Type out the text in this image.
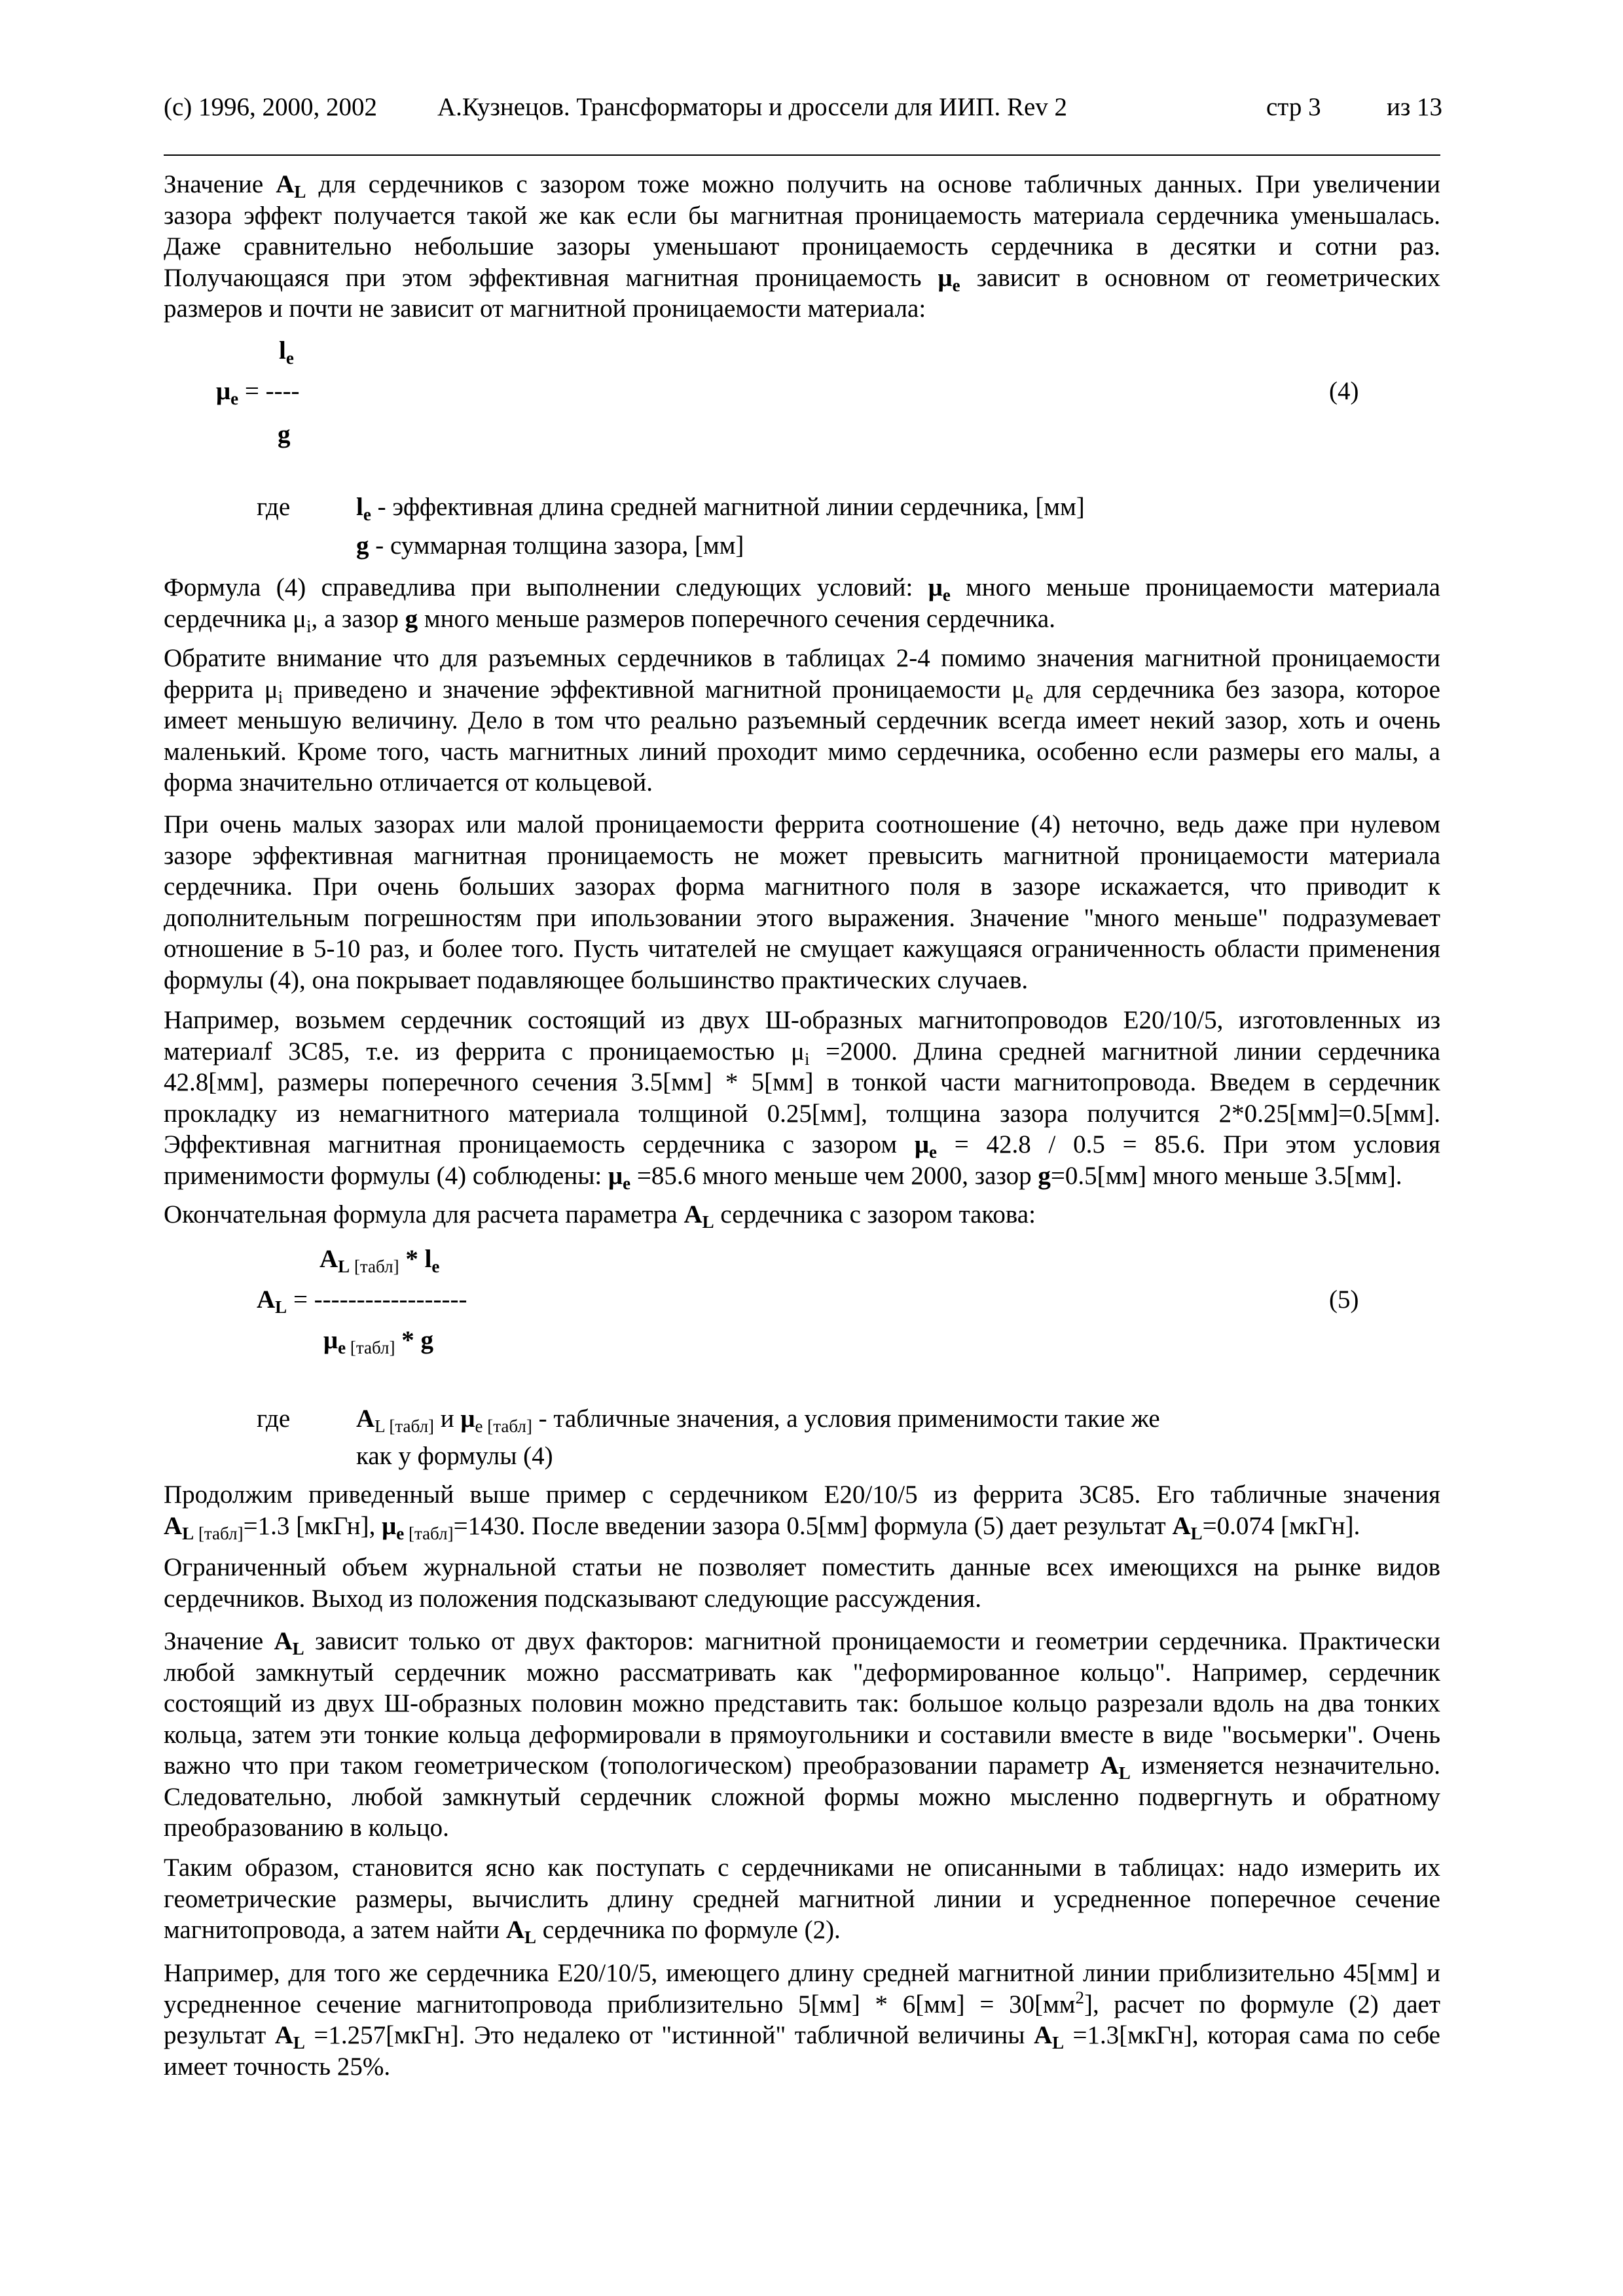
(c) 1996, 2000, 2002 А.Кузнецов. Трансформаторы и дроссели для ИИП. Rev 2	стр 3	из 13
Значение $A_L$ для сердечников с зазором тоже можно получить на основе табличных данных. При увеличении
зазора эффект получается такой же как если бы магнитная проницаемость материала сердечника уменьшалась.
Даже сравнительно небольшие зазоры уменьшают проницаемость сердечника в десятки и сотни раз.
Получающаяся при этом эффективная магнитная проницаемость $\mu_e$ зависит в основном от геометрических
размеров и почти не зависит от магнитной проницаемости материала:
$l_e$
$\mu_e$ = ----
g
(4)
где	$l_e$ - эффективная длина средней магнитной линии сердечника, [мм]
g - суммарная толщина зазора, [мм]
Формула (4) справедлива при выполнении следующих условий: $\mu_e$ много меньше проницаемости материала
сердечника $\mu_i$, а зазор g много меньше размеров поперечного сечения сердечника.
Обратите внимание что для разъемных сердечников в таблицах 2-4 помимо значения магнитной проницаемости
феррита $\mu_i$ приведено и значение эффективной магнитной проницаемости $\mu_e$ для сердечника без зазора, которое
имеет меньшую величину. Дело в том что реально разъемный сердечник всегда имеет некий зазор, хоть и очень
маленький. Кроме того, часть магнитных линий проходит мимо сердечника, особенно если размеры его малы, а
форма значительно отличается от кольцевой.
При очень малых зазорах или малой проницаемости феррита соотношение (4) неточно, ведь даже при нулевом
зазоре эффективная магнитная проницаемость не может превысить магнитной проницаемости материала
сердечника. При очень больших зазорах форма магнитного поля в зазоре искажается, что приводит к
дополнительным погрешностям при ипользовании этого выражения. Значение "много меньше" подразумевает
отношение в 5-10 раз, и более того. Пусть читателей не смущает кажущаяся ограниченность области применения
формулы (4), она покрывает подавляющее большинство практических случаев.
Например, возьмем сердечник состоящий из двух Ш-образных магнитопроводов E20/10/5, изготовленных из
материалf 3C85, т.е. из феррита с проницаемостью $\mu_i =2000$. Длина средней магнитной линии сердечника
42.8[мм], размеры поперечного сечения 3.5[мм] * 5[мм] в тонкой части магнитопровода. Введем в сердечник
прокладку из немагнитного материала толщиной 0.25[мм], толщина зазора получится 2*0.25[мм]=0.5[мм].
Эффективная магнитная проницаемость сердечника с зазором $\mu_e = 42.8 / 0.5 = 85.6$. При этом условия
применимости формулы (4) соблюдены: $\mu_e =85.6$ много меньше чем 2000, зазор g=0.5[мм] много меньше 3.5[мм].
Окончательная формула для расчета параметра $A_L$ сердечника с зазором такова:
$A_L$ $_{[табл]} * l_e$
$A_L$ = ------------------
$\mu_e$ $_{[табл]}$ * g
(5)
где	$A_{L [табл]}$ и $\mu_{e [табл]}$ - табличные значения, а условия применимости такие же
как у формулы (4)
Продолжим приведенный выше пример с сердечником E20/10/5 из феррита 3C85. Его табличные значения
$A_{L [табл]}=1.3$ [мкГн], $\mu_{e [табл]}=1430$. После введении зазора 0.5[мм] формула (5) дает результат $A_L=0.074$ [мкГн].
Ограниченный объем журнальной статьи не позволяет поместить данные всех имеющихся на рынке видов
сердечников. Выход из положения подсказывают следующие рассуждения.
Значение $A_L$ зависит только от двух факторов: магнитной проницаемости и геометрии сердечника. Практически
любой замкнутый сердечник можно рассматривать как "деформированное кольцо". Например, сердечник
состоящий из двух Ш-образных половин можно представить так: большое кольцо разрезали вдоль на два тонких
кольца, затем эти тонкие кольца деформировали в прямоугольники и составили вместе в виде "восьмерки". Очень
важно что при таком геометрическом (топологическом) преобразовании параметр $A_L$ изменяется незначительно.
Следовательно, любой замкнутый сердечник сложной формы можно мысленно подвергнуть и обратному
преобразованию в кольцо.
Таким образом, становится ясно как поступать с сердечниками не описанными в таблицах: надо измерить их
геометрические размеры, вычислить длину средней магнитной линии и усредненное поперечное сечение
магнитопровода, а затем найти $A_L$ сердечника по формуле (2).
Например, для того же сердечника E20/10/5, имеющего длину средней магнитной линии приблизительно 45[мм] и
усредненное сечение магнитопровода приблизительно $5[мм] * 6[мм] = 30[мм^2]$, расчет по формуле (2) дает
результат $A_L$ =1.257[мкГн]. Это недалеко от "истинной" табличной величины $A_L$ =1.3[мкГн], которая сама по себе
имеет точность 25%.
